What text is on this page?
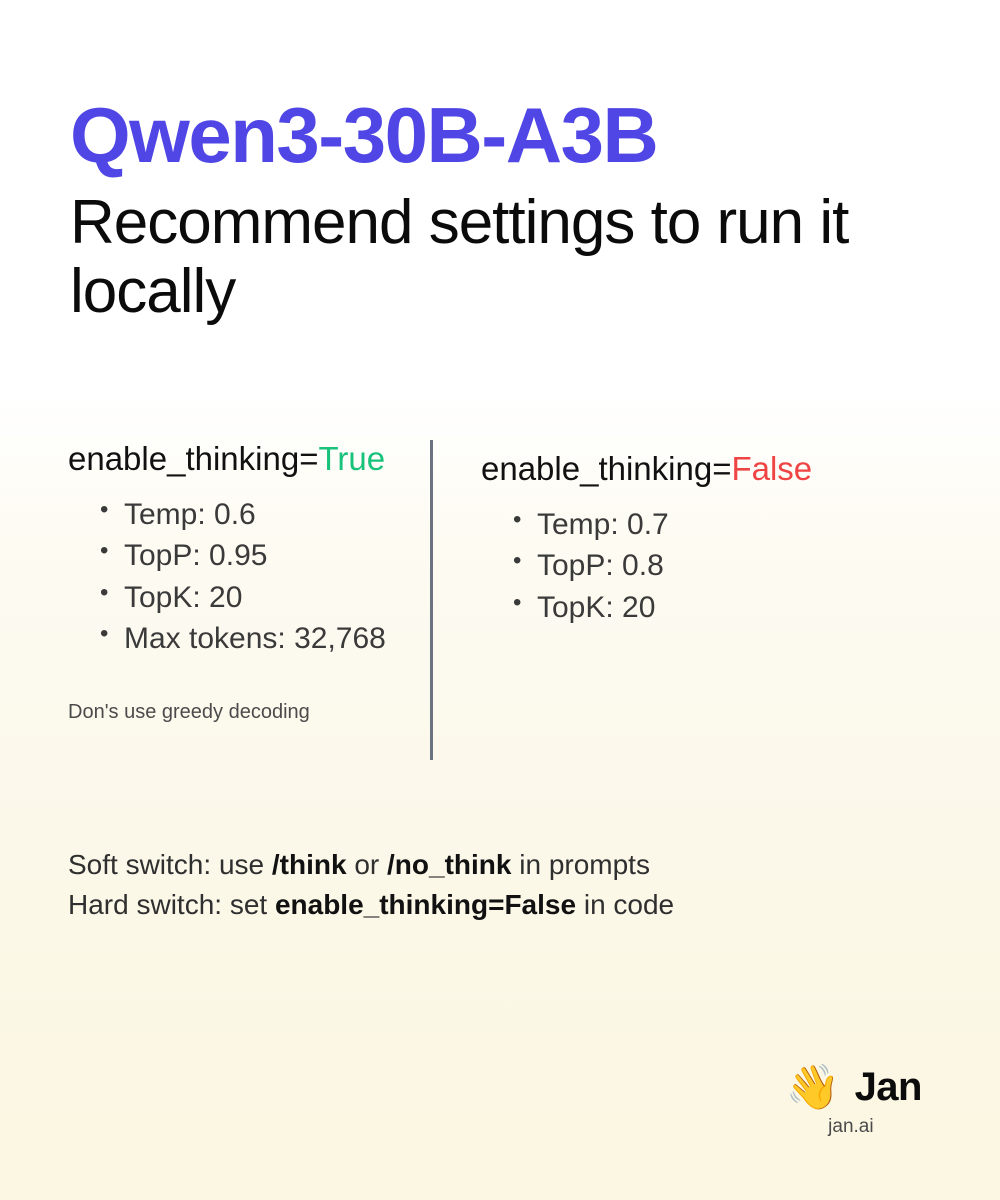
Qwen3-30B-A3B
Recommend settings to run it locally
enable_thinking=True
• Temp: 0.6
• TopP: 0.95
• TopK: 20
• Max tokens: 32,768
Don's use greedy decoding
enable_thinking=False
• Temp: 0.7
• TopP: 0.8
• TopK: 20
Soft switch: use /think or /no_think in prompts
Hard switch: set enable_thinking=False in code
👋 Jan
jan.ai
